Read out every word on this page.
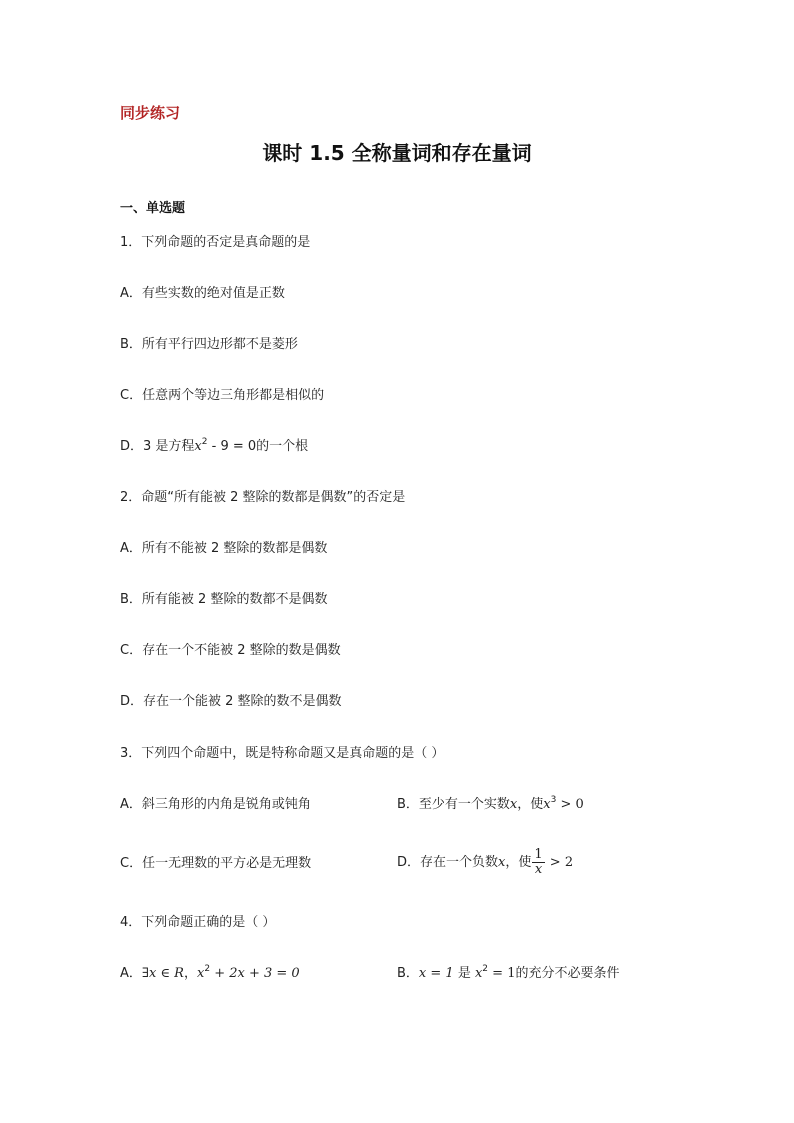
同步练习
课时 1.5 全称量词和存在量词
一、单选题
1．下列命题的否定是真命题的是
A．有些实数的绝对值是正数
B．所有平行四边形都不是菱形
C．任意两个等边三角形都是相似的
D．3 是方程$x^2 - 9 = 0$的一个根
2．命题“所有能被 2 整除的数都是偶数”的否定是
A．所有不能被 2 整除的数都是偶数
B．所有能被 2 整除的数都不是偶数
C．存在一个不能被 2 整除的数是偶数
D．存在一个能被 2 整除的数不是偶数
3．下列四个命题中，既是特称命题又是真命题的是（ ）
A．斜三角形的内角是锐角或钝角	B．至少有一个实数x，使$x^3 > 0$
C．任一无理数的平方必是无理数	D．存在一个负数x，使 $\frac{1}{x} > 2$
4．下列命题正确的是（ ）
A．∃x ∈ R，$x^2 + 2x + 3 = 0$	B．x = 1 是 $x^2 = 1$的充分不必要条件
